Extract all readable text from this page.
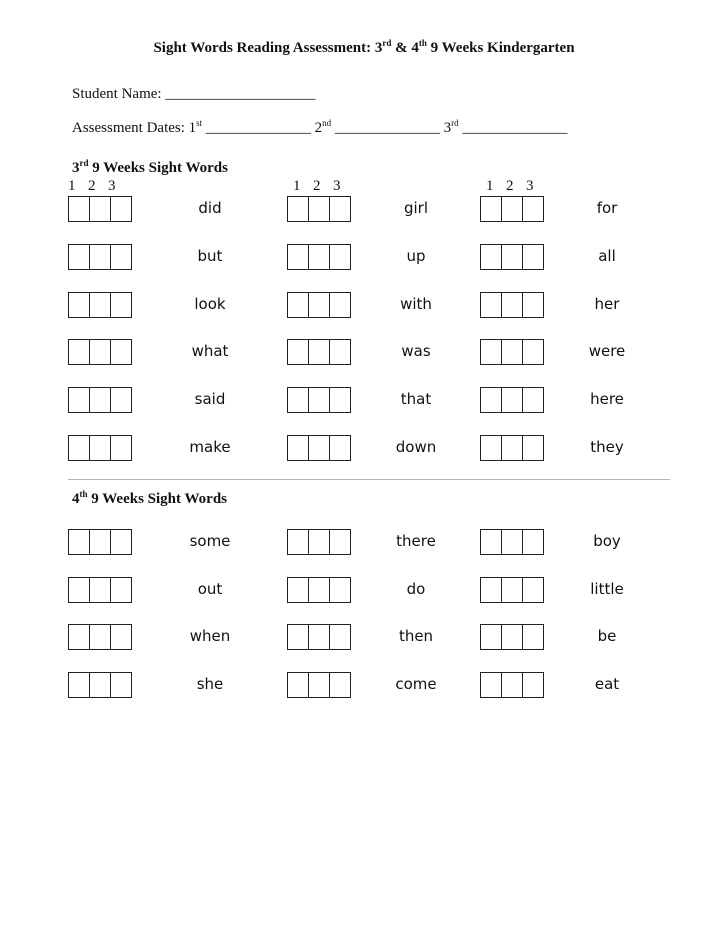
Sight Words Reading Assessment: 3rd & 4th 9 Weeks Kindergarten
Student Name: ____________________
Assessment Dates: 1st ______________ 2nd ______________ 3rd ______________
3rd 9 Weeks Sight Words
1 2 3	1 2 3	1 2 3
did	girl	for
but	up	all
look	with	her
what	was	were
said	that	here
make	down	they
4th 9 Weeks Sight Words
some	there	boy
out	do	little
when	then	be
she	come	eat
